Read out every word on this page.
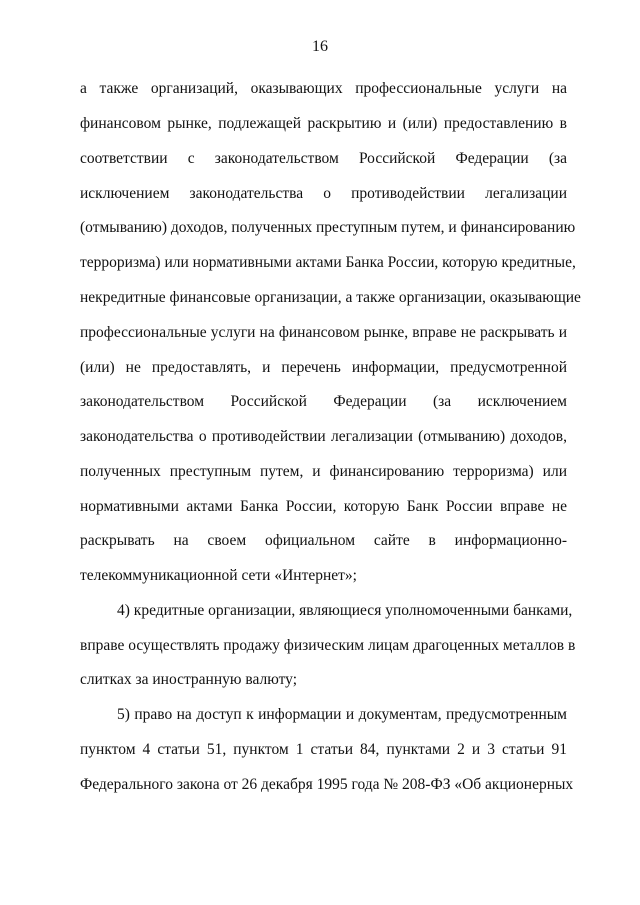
16
а также организаций, оказывающих профессиональные услуги на
финансовом рынке, подлежащей раскрытию и (или) предоставлению в
соответствии с законодательством Российской Федерации (за
исключением законодательства о противодействии легализации
(отмыванию) доходов, полученных преступным путем, и финансированию
терроризма) или нормативными актами Банка России, которую кредитные,
некредитные финансовые организации, а также организации, оказывающие
профессиональные услуги на финансовом рынке, вправе не раскрывать и
(или) не предоставлять, и перечень информации, предусмотренной
законодательством Российской Федерации (за исключением
законодательства о противодействии легализации (отмыванию) доходов,
полученных преступным путем, и финансированию терроризма) или
нормативными актами Банка России, которую Банк России вправе не
раскрывать на своем официальном сайте в информационно-
телекоммуникационной сети «Интернет»;
4) кредитные организации, являющиеся уполномоченными банками,
вправе осуществлять продажу физическим лицам драгоценных металлов в
слитках за иностранную валюту;
5) право на доступ к информации и документам, предусмотренным
пунктом 4 статьи 51, пунктом 1 статьи 84, пунктами 2 и 3 статьи 91
Федерального закона от 26 декабря 1995 года № 208-ФЗ «Об акционерных
